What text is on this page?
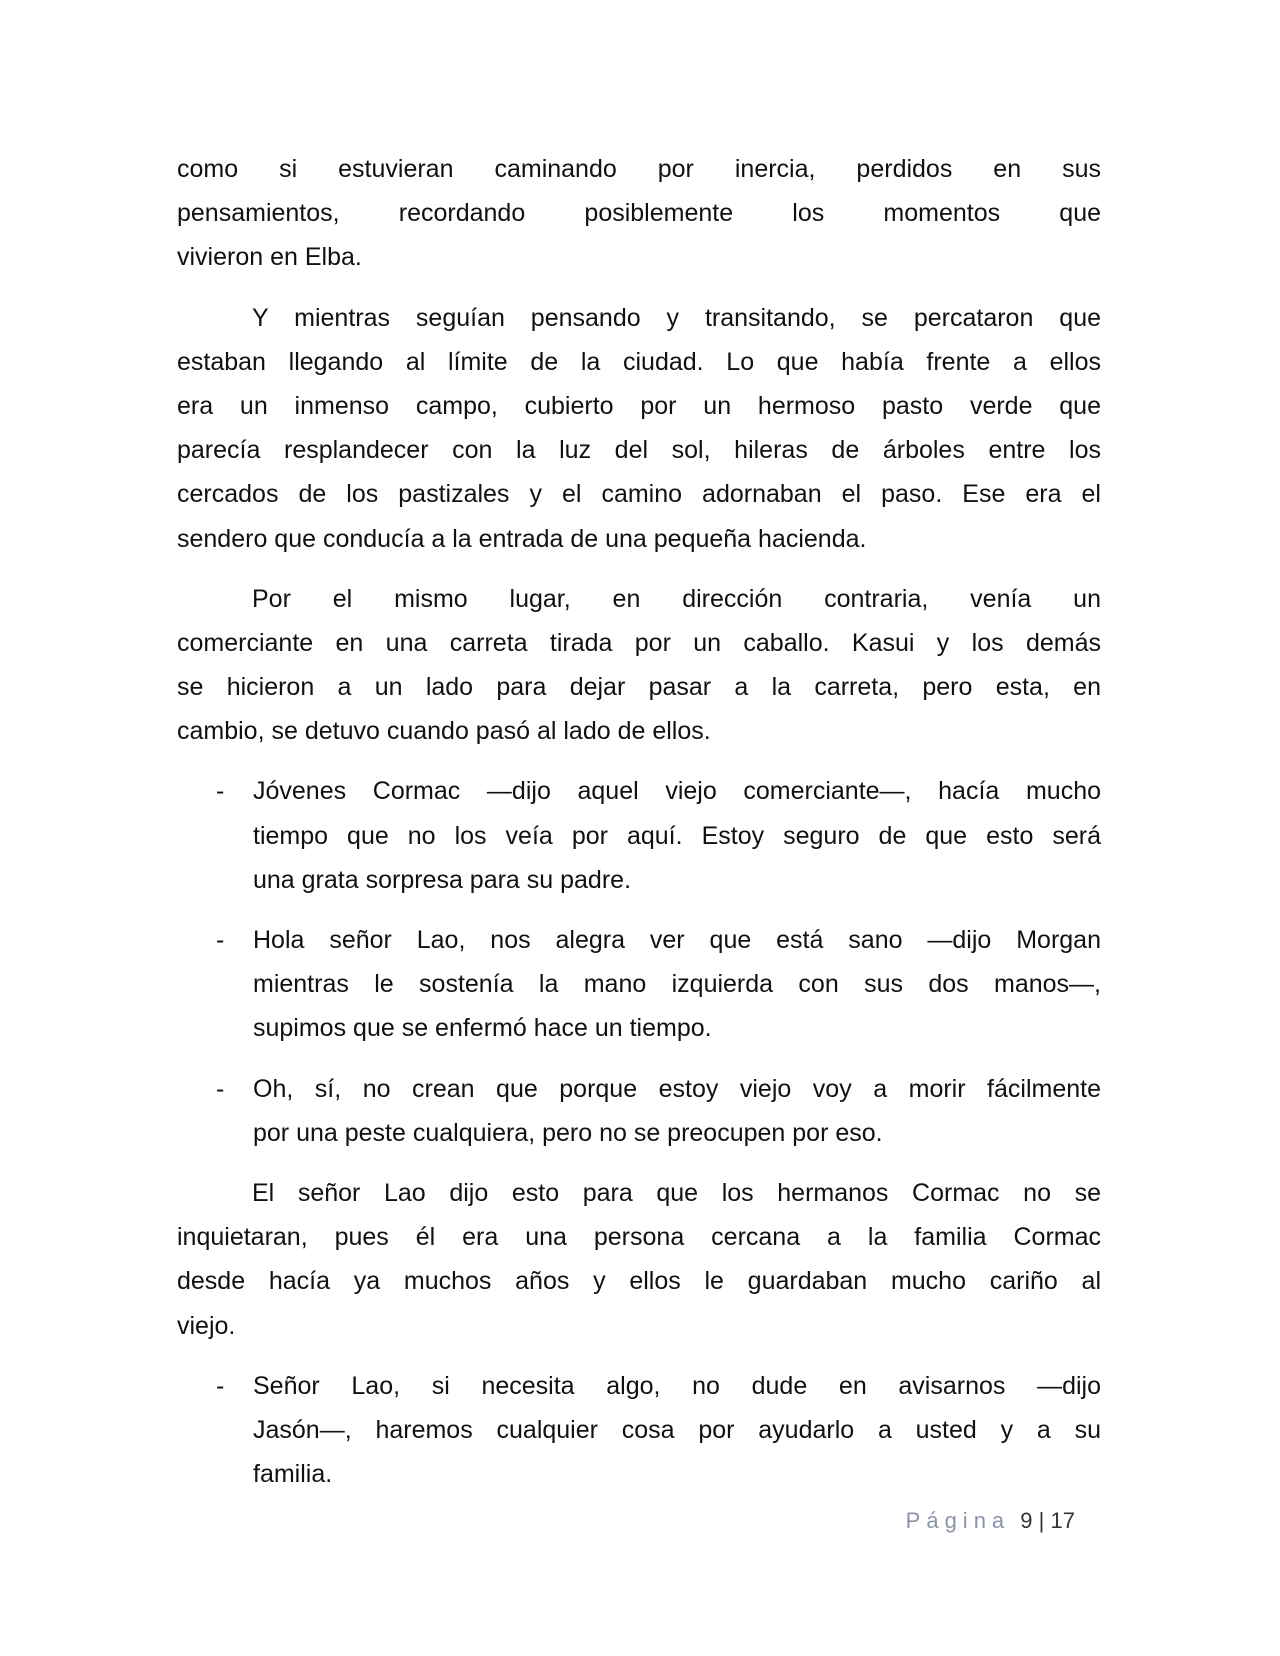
como si estuvieran caminando por inercia, perdidos en sus
pensamientos, recordando posiblemente los momentos que
vivieron en Elba.
Y mientras seguían pensando y transitando, se percataron que
estaban llegando al límite de la ciudad. Lo que había frente a ellos
era un inmenso campo, cubierto por un hermoso pasto verde que
parecía resplandecer con la luz del sol, hileras de árboles entre los
cercados de los pastizales y el camino adornaban el paso. Ese era el
sendero que conducía a la entrada de una pequeña hacienda.
Por el mismo lugar, en dirección contraria, venía un
comerciante en una carreta tirada por un caballo. Kasui y los demás
se hicieron a un lado para dejar pasar a la carreta, pero esta, en
cambio, se detuvo cuando pasó al lado de ellos.
- Jóvenes Cormac —dijo aquel viejo comerciante—, hacía mucho
tiempo que no los veía por aquí. Estoy seguro de que esto será
una grata sorpresa para su padre.
- Hola señor Lao, nos alegra ver que está sano —dijo Morgan
mientras le sostenía la mano izquierda con sus dos manos—,
supimos que se enfermó hace un tiempo.
- Oh, sí, no crean que porque estoy viejo voy a morir fácilmente
por una peste cualquiera, pero no se preocupen por eso.
El señor Lao dijo esto para que los hermanos Cormac no se
inquietaran, pues él era una persona cercana a la familia Cormac
desde hacía ya muchos años y ellos le guardaban mucho cariño al
viejo.
- Señor Lao, si necesita algo, no dude en avisarnos —dijo
Jasón—, haremos cualquier cosa por ayudarlo a usted y a su
familia.
Página 9 | 17
